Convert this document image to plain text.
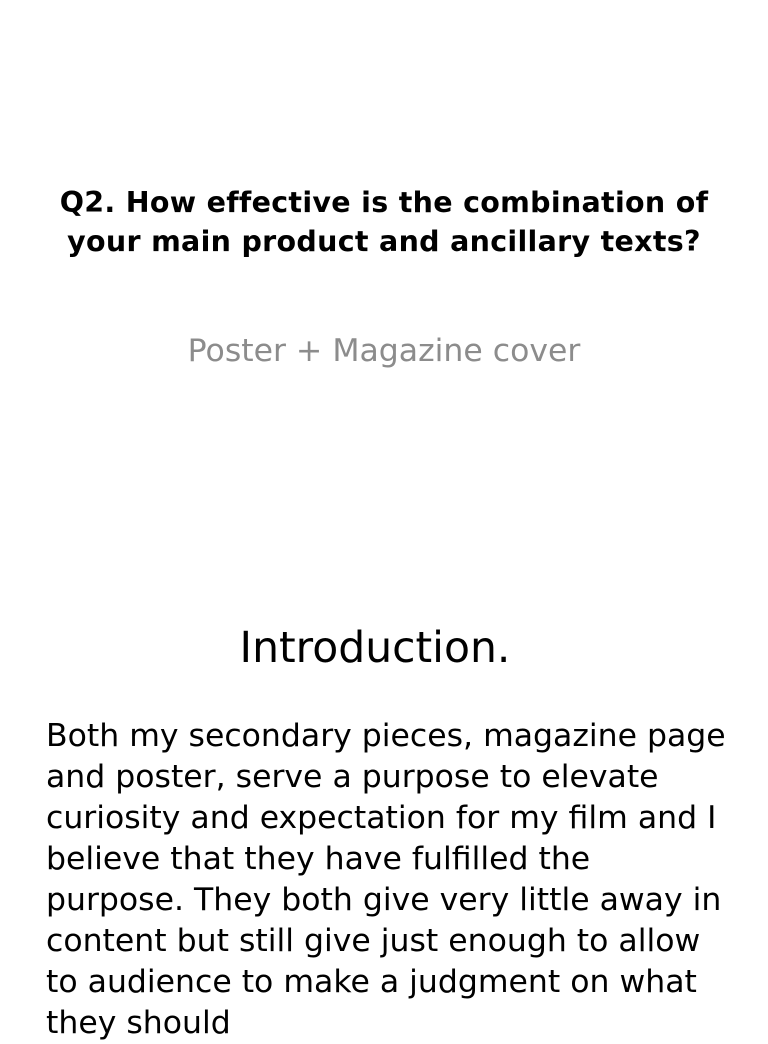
Q2. How effective is the combination of your main product and ancillary texts?

Poster + Magazine cover

Introduction.

Both my secondary pieces, magazine page and poster, serve a purpose to elevate curiosity and expectation for my film and I believe that they have fulfilled the purpose. They both give very little away in content but still give just enough to allow to audience to make a judgment on what they should
